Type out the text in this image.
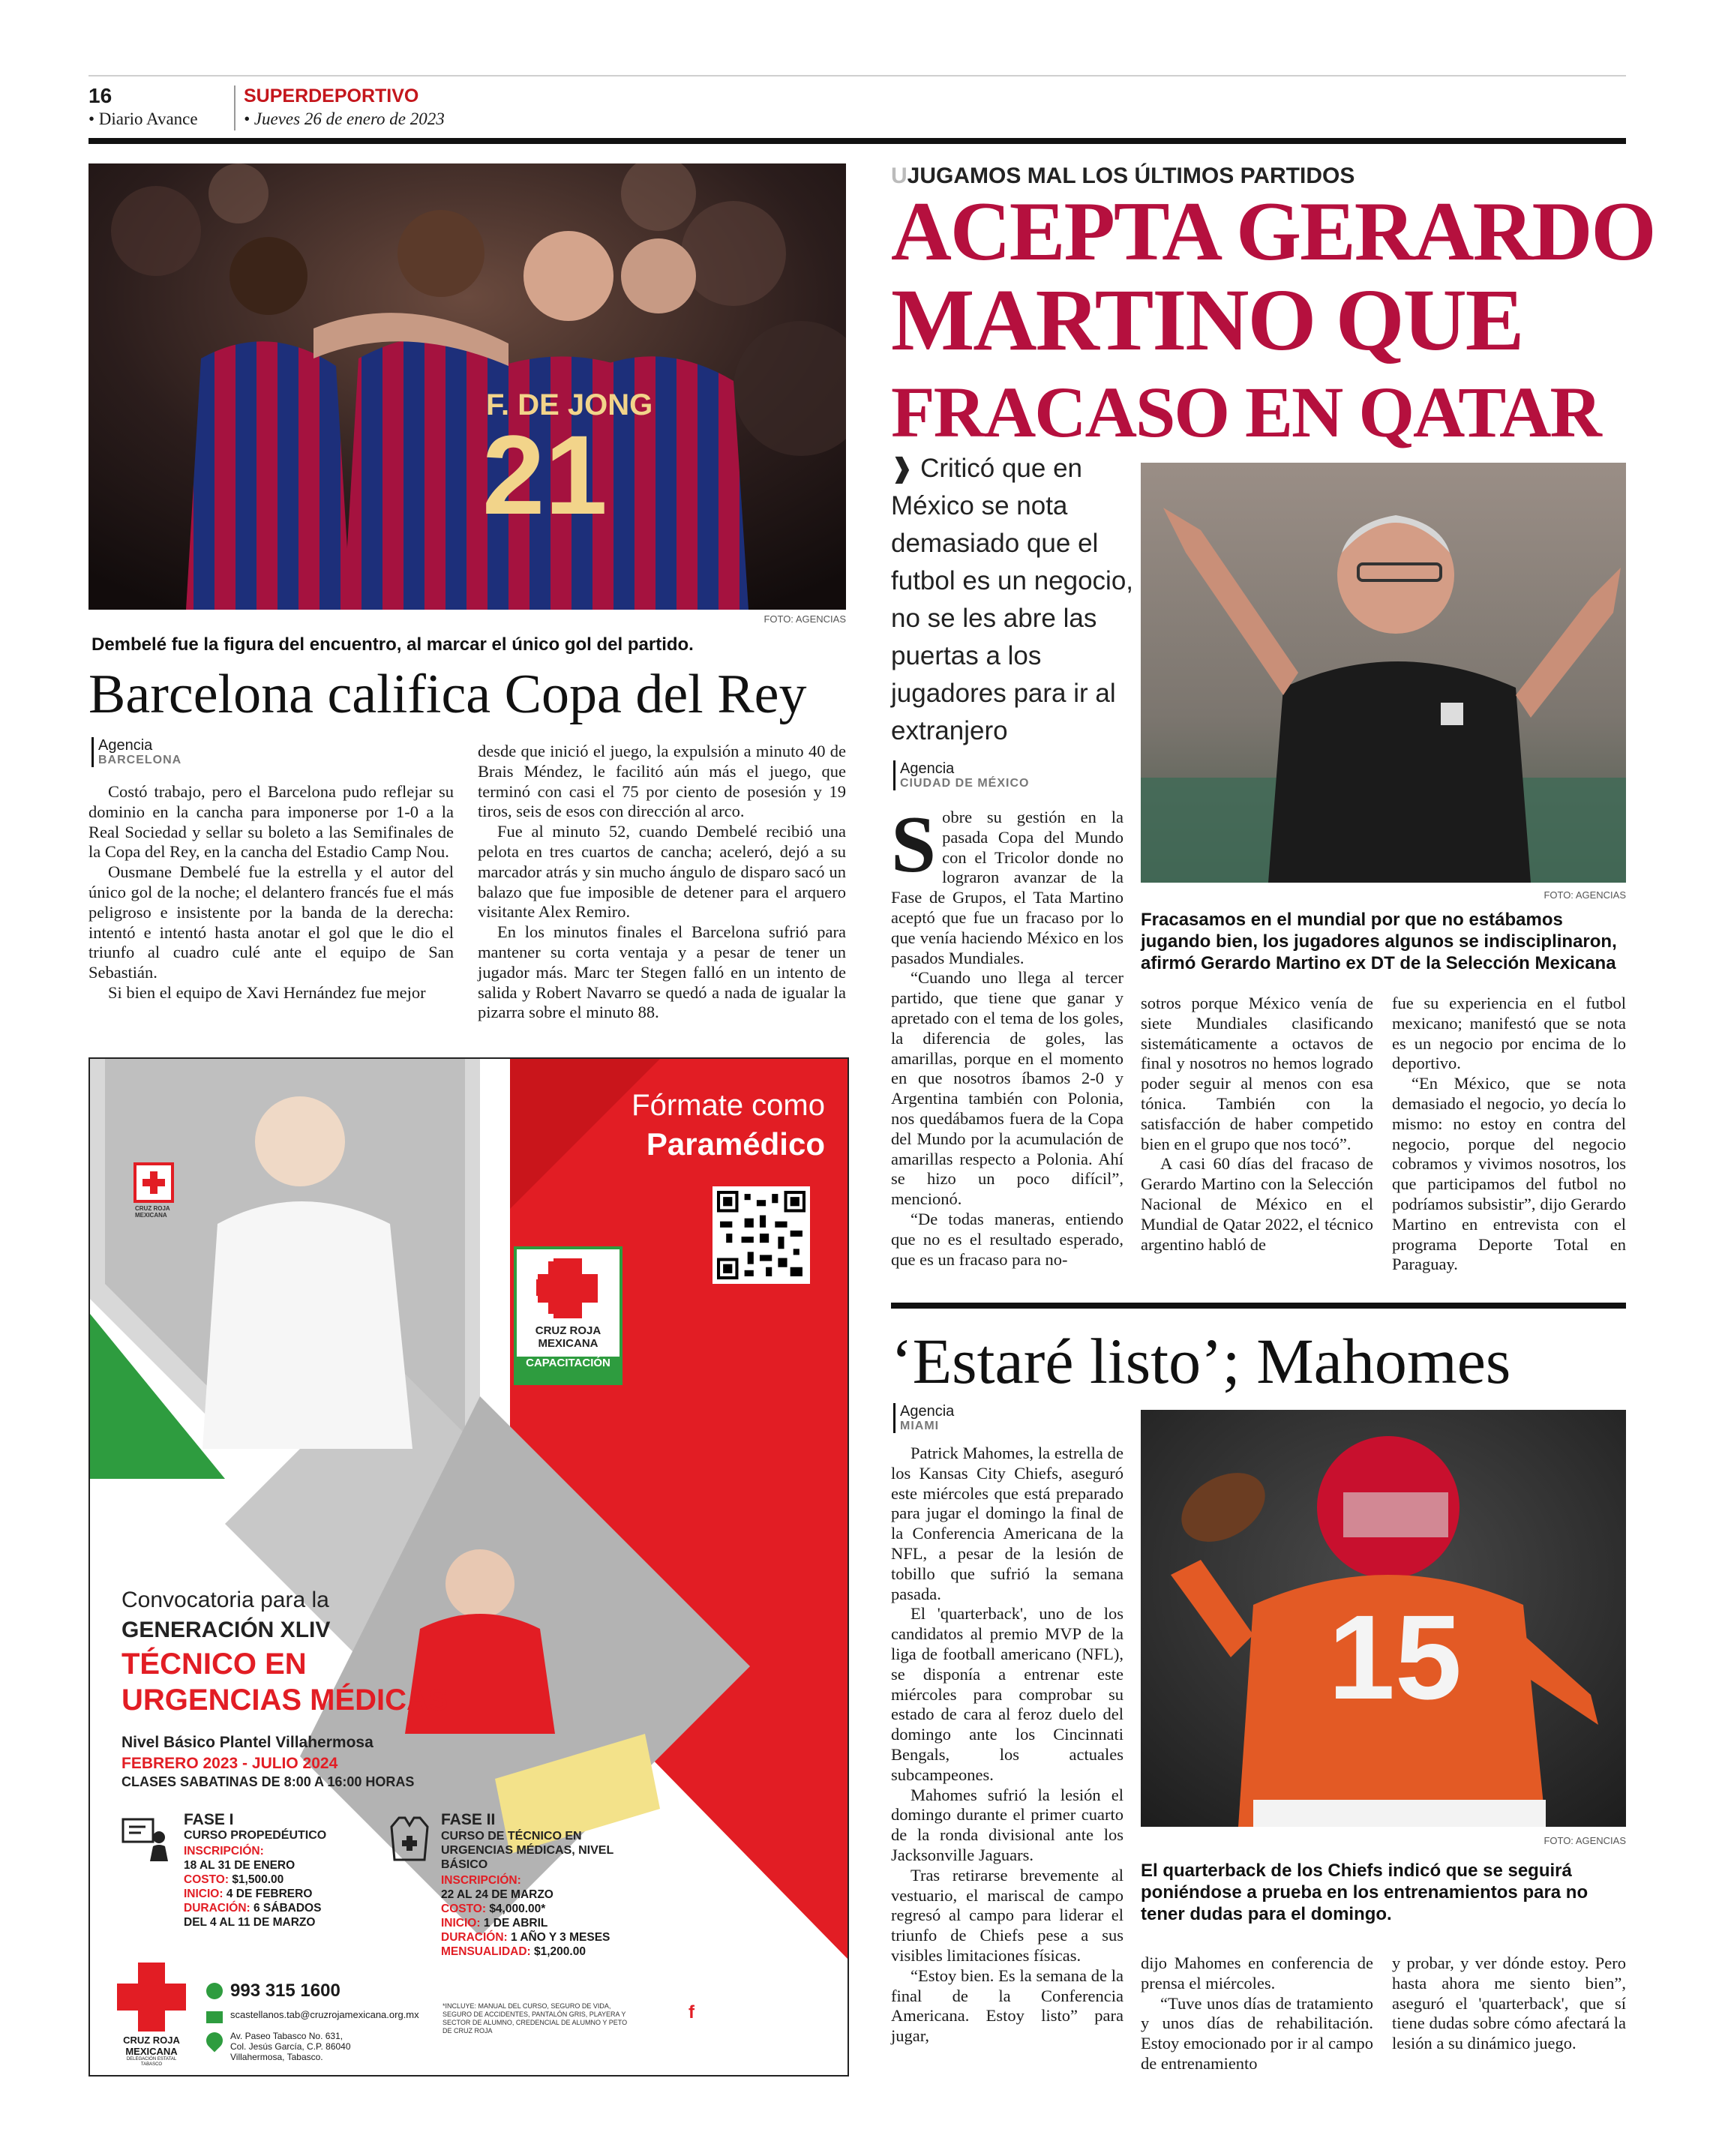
16
• Diario Avance
SUPERDEPORTIVO
• Jueves 26 de enero de 2023
F. DE JONG
21
FOTO: AGENCIAS
Dembelé fue la figura del encuentro, al marcar el único gol del partido.
Barcelona califica Copa del Rey
Agencia
BARCELONA

Costó trabajo, pero el Barcelona pudo reflejar su dominio en la cancha para imponerse por 1-0 a la Real Sociedad y sellar su boleto a las Semifinales de la Copa del Rey, en la cancha del Estadio Camp Nou.

Ousmane Dembelé fue la estrella y el autor del único gol de la noche; el delantero francés fue el más peligroso e insistente por la banda de la derecha: intentó e intentó hasta anotar el gol que le dio el triunfo al cuadro culé ante el equipo de San Sebastián.

Si bien el equipo de Xavi Hernández fue mejor

desde que inició el juego, la expulsión a minuto 40 de Brais Méndez, le facilitó aún más el juego, que terminó con casi el 75 por ciento de posesión y 19 tiros, seis de esos con dirección al arco.

Fue al minuto 52, cuando Dembelé recibió una pelota en tres cuartos de cancha; aceleró, dejó a su marcador atrás y sin mucho ángulo de disparo sacó un balazo que fue imposible de detener para el arquero visitante Alex Remiro.

En los minutos finales el Barcelona sufrió para mantener su corta ventaja y a pesar de tener un jugador más. Marc ter Stegen falló en un intento de salida y Robert Navarro se quedó a nada de igualar la pizarra sobre el minuto 88.

Fórmate como
Paramédico
CRUZ ROJA MEXICANA
CAPACITACIÓN
Convocatoria para la
GENERACIÓN XLIV
TÉCNICO EN
URGENCIAS MÉDICAS
Nivel Básico Plantel Villahermosa
FEBRERO 2023 - JULIO 2024
CLASES SABATINAS DE 8:00 A 16:00 HORAS
FASE I
CURSO PROPEDÉUTICO
INSCRIPCIÓN:
18 AL 31 DE ENERO
COSTO: $1,500.00
INICIO: 4 DE FEBRERO
DURACIÓN: 6 SÁBADOS
DEL 4 AL 11 DE MARZO
FASE II
CURSO DE TÉCNICO EN URGENCIAS MÉDICAS, NIVEL BÁSICO
INSCRIPCIÓN:
22 AL 24 DE MARZO
COSTO: $4,000.00*
INICIO: 1 DE ABRIL
DURACIÓN: 1 AÑO Y 3 MESES
MENSUALIDAD: $1,200.00
CRUZ ROJA
MEXICANA
DELEGACIÓN ESTATAL
TABASCO
993 315 1600
scastellanos.tab@cruzrojamexicana.org.mx
Av. Paseo Tabasco No. 631,
Col. Jesús García, C.P. 86040
Villahermosa, Tabasco.
*INCLUYE: MANUAL DEL CURSO, SEGURO DE VIDA, SEGURO DE ACCIDENTES, PANTALÓN GRIS, PLAYERA Y SECTOR DE ALUMNO, CREDENCIAL DE ALUMNO Y PETO DE CRUZ ROJA
f
Facebook: Cruz Roja Mexicana Delegación Tabasco
Instagram: cruzroja_tabasco
Twitter: Cr_tabasco
CRUZ ROJA
MEXICANA
UJUGAMOS MAL LOS ÚLTIMOS PARTIDOS
ACEPTA GERARDO
MARTINO QUE
FRACASO EN QATAR
❱ Criticó que en México se nota demasiado que el futbol es un negocio, no se les abre las puertas a los jugadores para ir al extranjero
FOTO: AGENCIAS
Fracasamos en el mundial por que no estábamos jugando bien, los jugadores algunos se indisciplinaron, afirmó Gerardo Martino ex DT de la Selección Mexicana
Agencia
CIUDAD DE MÉXICO
S obre su gestión en la pasada Copa del Mundo con el Tricolor donde no lograron avanzar de la Fase de Grupos, el Tata Martino aceptó que fue un fracaso por lo que venía haciendo México en los pasados Mundiales.

“Cuando uno llega al tercer partido, que tiene que ganar y apretado con el tema de los goles, la diferencia de goles, las amarillas, porque en el momento en que nosotros íbamos 2-0 y Argentina también con Polonia, nos quedábamos fuera de la Copa del Mundo por la acumulación de amarillas respecto a Polonia. Ahí se hizo un poco difícil”, mencionó.

“De todas maneras, entiendo que no es el resultado esperado, que es un fracaso para no-

sotros porque México venía de siete Mundiales clasificando sistemáticamente a octavos de final y nosotros no hemos logrado poder seguir al menos con esa tónica. También con la satisfacción de haber competido bien en el grupo que nos tocó”.

A casi 60 días del fracaso de Gerardo Martino con la Selección Nacional de México en el Mundial de Qatar 2022, el técnico argentino habló de

fue su experiencia en el futbol mexicano; manifestó que se nota es un negocio por encima de lo deportivo.

“En México, que se nota demasiado el negocio, yo decía lo mismo: no estoy en contra del negocio, porque del negocio cobramos y vivimos nosotros, los que participamos del futbol no podríamos subsistir”, dijo Gerardo Martino en entrevista con el programa Deporte Total en Paraguay.

‘Estaré listo’; Mahomes
Agencia
MIAMI
15
FOTO: AGENCIAS
El quarterback de los Chiefs indicó que se seguirá poniéndose a prueba en los entrenamientos para no tener dudas para el domingo.

Patrick Mahomes, la estrella de los Kansas City Chiefs, aseguró este miércoles que está preparado para jugar el domingo la final de la Conferencia Americana de la NFL, a pesar de la lesión de tobillo que sufrió la semana pasada.

El 'quarterback', uno de los candidatos al premio MVP de la liga de football americano (NFL), se disponía a entrenar este miércoles para comprobar su estado de cara al feroz duelo del domingo ante los Cincinnati Bengals, los actuales subcampeones.

Mahomes sufrió la lesión el domingo durante el primer cuarto de la ronda divisional ante los Jacksonville Jaguars.

Tras retirarse brevemente al vestuario, el mariscal de campo regresó al campo para liderar el triunfo de Chiefs pese a sus visibles limitaciones físicas.

“Estoy bien. Es la semana de la final de la Conferencia Americana. Estoy listo” para jugar,

dijo Mahomes en conferencia de prensa el miércoles.

“Tuve unos días de tratamiento y unos días de rehabilitación. Estoy emocionado por ir al campo de entrenamiento

y probar, y ver dónde estoy. Pero hasta ahora me siento bien”, aseguró el 'quarterback', que sí tiene dudas sobre cómo afectará la lesión a su dinámico juego.
